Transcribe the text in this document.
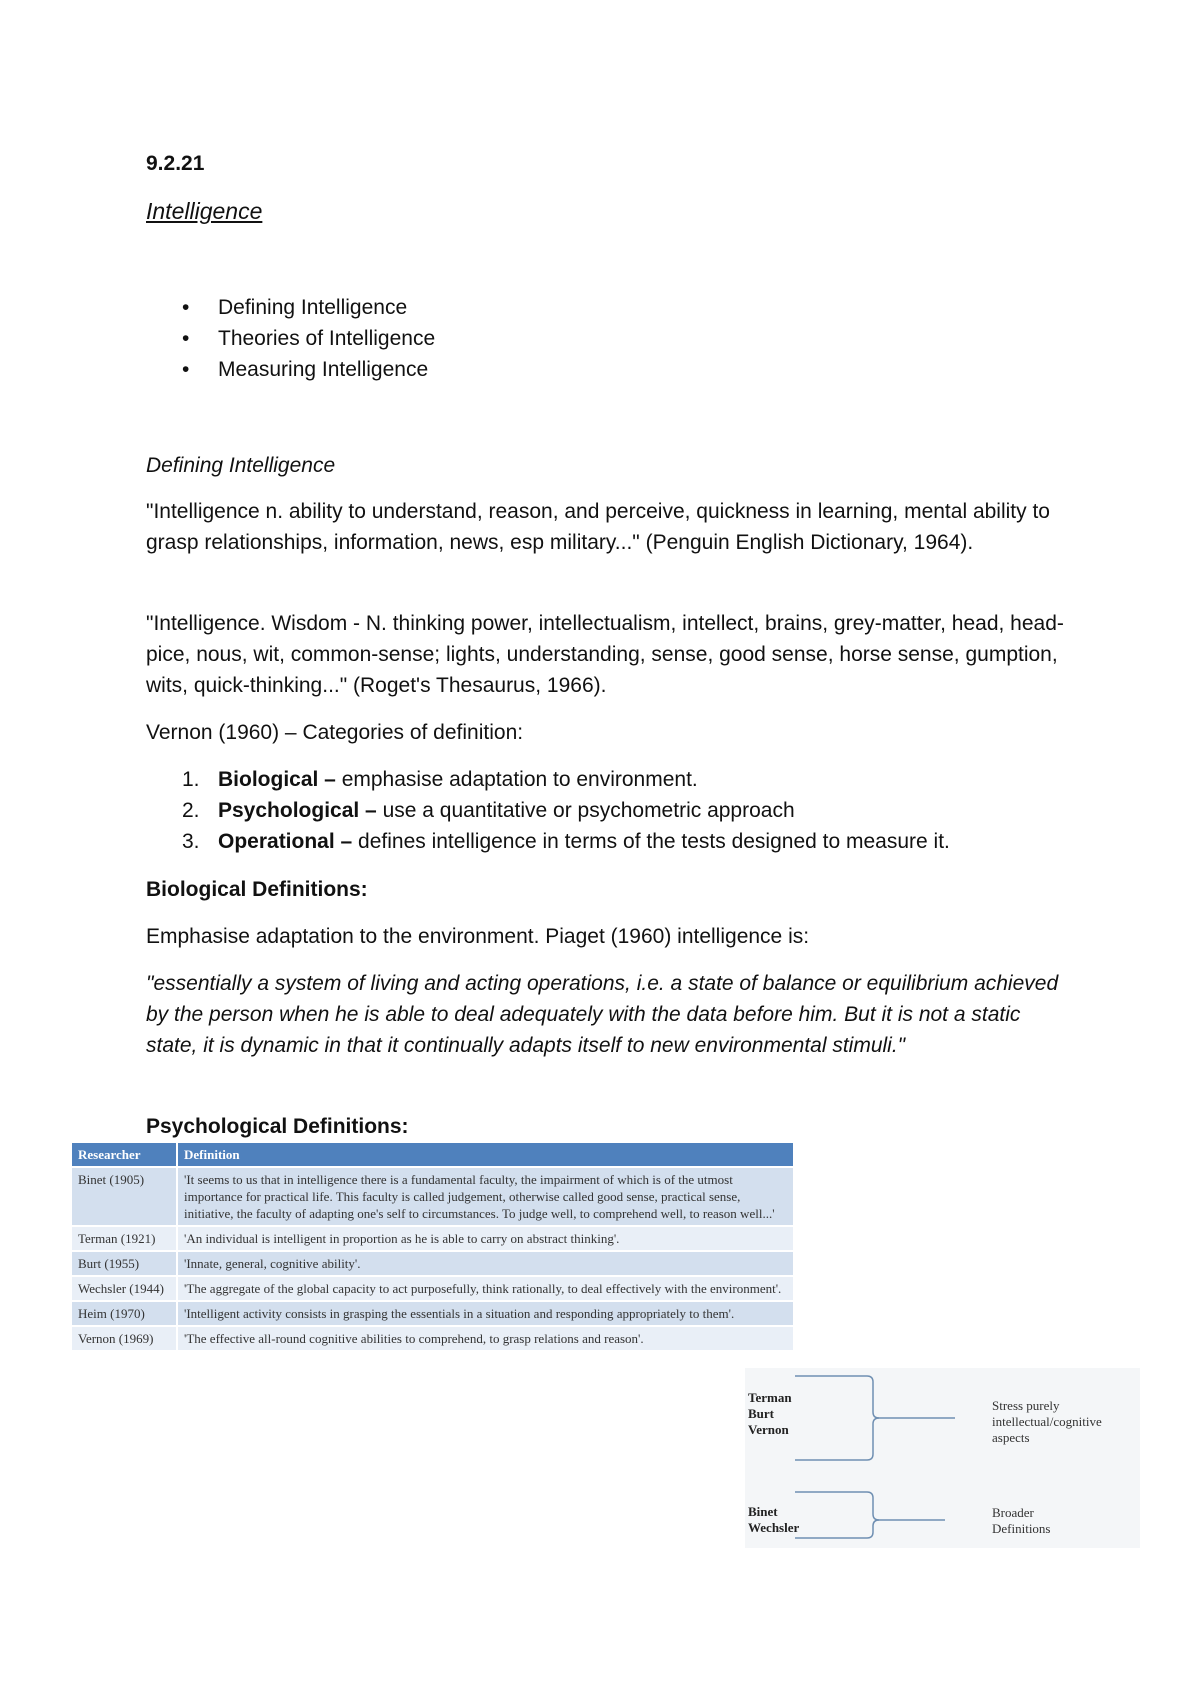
9.2.21

Intelligence

• Defining Intelligence
• Theories of Intelligence
• Measuring Intelligence

Defining Intelligence

"Intelligence n. ability to understand, reason, and perceive, quickness in learning, mental ability to grasp relationships, information, news, esp military..." (Penguin English Dictionary, 1964).

"Intelligence. Wisdom - N. thinking power, intellectualism, intellect, brains, grey-matter, head, head-pice, nous, wit, common-sense; lights, understanding, sense, good sense, horse sense, gumption, wits, quick-thinking..." (Roget's Thesaurus, 1966).

Vernon (1960) – Categories of definition:

1. Biological – emphasise adaptation to environment.
2. Psychological – use a quantitative or psychometric approach
3. Operational – defines intelligence in terms of the tests designed to measure it.

Biological Definitions:

Emphasise adaptation to the environment. Piaget (1960) intelligence is:

"essentially a system of living and acting operations, i.e. a state of balance or equilibrium achieved by the person when he is able to deal adequately with the data before him. But it is not a static state, it is dynamic in that it continually adapts itself to new environmental stimuli."

Psychological Definitions:

Researcher	Definition
Binet (1905)	'It seems to us that in intelligence there is a fundamental faculty, the impairment of which is of the utmost importance for practical life. This faculty is called judgement, otherwise called good sense, practical sense, initiative, the faculty of adapting one's self to circumstances. To judge well, to comprehend well, to reason well...'
Terman (1921)	'An individual is intelligent in proportion as he is able to carry on abstract thinking'.
Burt (1955)	'Innate, general, cognitive ability'.
Wechsler (1944)	'The aggregate of the global capacity to act purposefully, think rationally, to deal effectively with the environment'.
Heim (1970)	'Intelligent activity consists in grasping the essentials in a situation and responding appropriately to them'.
Vernon (1969)	'The effective all-round cognitive abilities to comprehend, to grasp relations and reason'.
Terman
Burt
Vernon
Stress purely
intellectual/cognitive
aspects
Binet
Wechsler
Broader
Definitions
